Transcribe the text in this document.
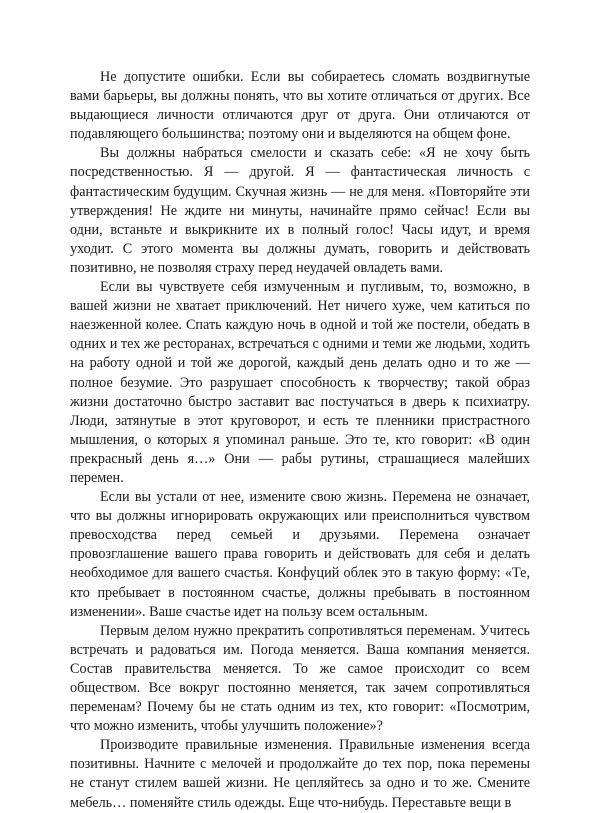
Не допустите ошибки. Если вы собираетесь сломать воздвигнутые вами барьеры, вы должны понять, что вы хотите отличаться от других. Все выдающиеся личности отличаются друг от друга. Они отличаются от подавляющего большинства; поэтому они и выделяются на общем фоне.

Вы должны набраться смелости и сказать себе: «Я не хочу быть посредственностью. Я — другой. Я — фантастическая личность с фантастическим будущим. Скучная жизнь — не для меня. «Повторяйте эти утверждения! Не ждите ни минуты, начинайте прямо сейчас! Если вы одни, встаньте и выкрикните их в полный голос! Часы идут, и время уходит. С этого момента вы должны думать, говорить и действовать позитивно, не позволяя страху перед неудачей овладеть вами.

Если вы чувствуете себя измученным и пугливым, то, возможно, в вашей жизни не хватает приключений. Нет ничего хуже, чем катиться по наезженной колее. Спать каждую ночь в одной и той же постели, обедать в одних и тех же ресторанах, встречаться с одними и теми же людьми, ходить на работу одной и той же дорогой, каждый день делать одно и то же — полное безумие. Это разрушает способность к творчеству; такой образ жизни достаточно быстро заставит вас постучаться в дверь к психиатру. Люди, затянутые в этот круговорот, и есть те пленники пристрастного мышления, о которых я упоминал раньше. Это те, кто говорит: «В один прекрасный день я…» Они — рабы рутины, страшащиеся малейших перемен.

Если вы устали от нее, измените свою жизнь. Перемена не означает, что вы должны игнорировать окружающих или преисполниться чувством превосходства перед семьей и друзьями. Перемена означает провозглашение вашего права говорить и действовать для себя и делать необходимое для вашего счастья. Конфуций облек это в такую форму: «Те, кто пребывает в постоянном счастье, должны пребывать в постоянном изменении». Ваше счастье идет на пользу всем остальным.

Первым делом нужно прекратить сопротивляться переменам. Учитесь встречать и радоваться им. Погода меняется. Ваша компания меняется. Состав правительства меняется. То же самое происходит со всем обществом. Все вокруг постоянно меняется, так зачем сопротивляться переменам? Почему бы не стать одним из тех, кто говорит: «Посмотрим, что можно изменить, чтобы улучшить положение»?

Производите правильные изменения. Правильные изменения всегда позитивны. Начните с мелочей и продолжайте до тех пор, пока перемены не станут стилем вашей жизни. Не цепляйтесь за одно и то же. Смените мебель… поменяйте стиль одежды. Еще что-нибудь. Переставьте вещи в
